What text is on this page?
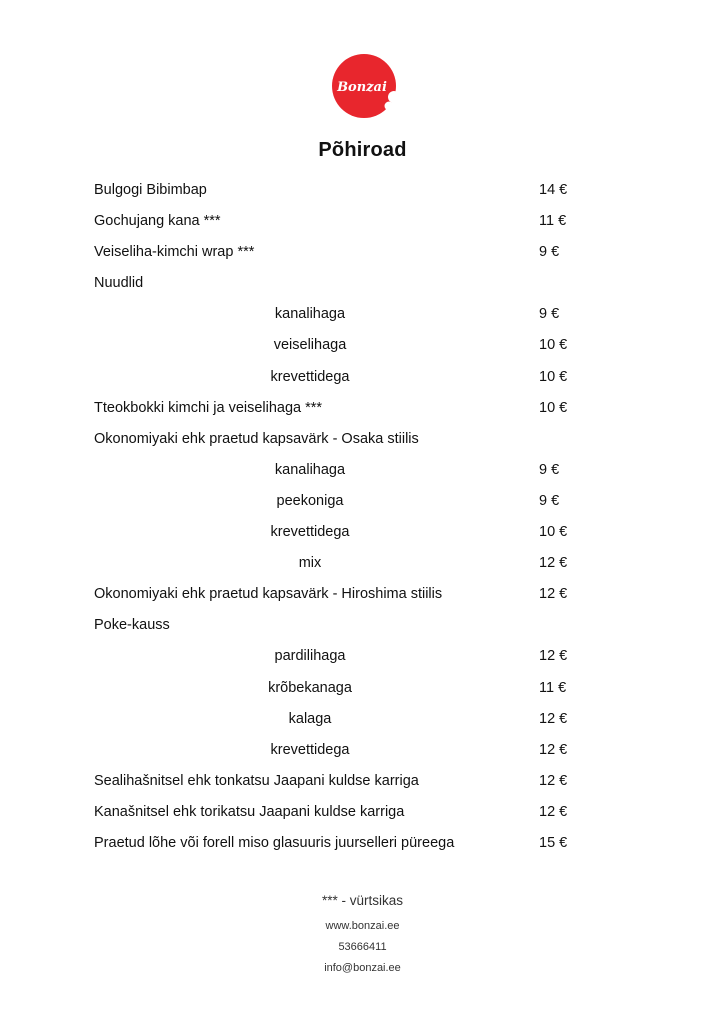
Bonzai
Põhiroad
Bulgogi Bibimbap	14 €
Gochujang kana ***	11 €
Veiseliha-kimchi wrap ***	9 €
Nuudlid
kanalihaga	9 €
veiselihaga	10 €
krevettidega	10 €
Tteokbokki kimchi ja veiselihaga ***	10 €
Okonomiyaki ehk praetud kapsavärk - Osaka stiilis
kanalihaga	9 €
peekoniga	9 €
krevettidega	10 €
mix	12 €
Okonomiyaki ehk praetud kapsavärk - Hiroshima stiilis	12 €
Poke-kauss
pardilihaga	12 €
krõbekanaga	11 €
kalaga	12 €
krevettidega	12 €
Sealihašnitsel ehk tonkatsu Jaapani kuldse karriga	12 €
Kanašnitsel ehk torikatsu Jaapani kuldse karriga	12 €
Praetud lõhe või forell miso glasuuris juurselleri püreega	15 €
*** - vürtsikas
www.bonzai.ee
53666411
info@bonzai.ee
